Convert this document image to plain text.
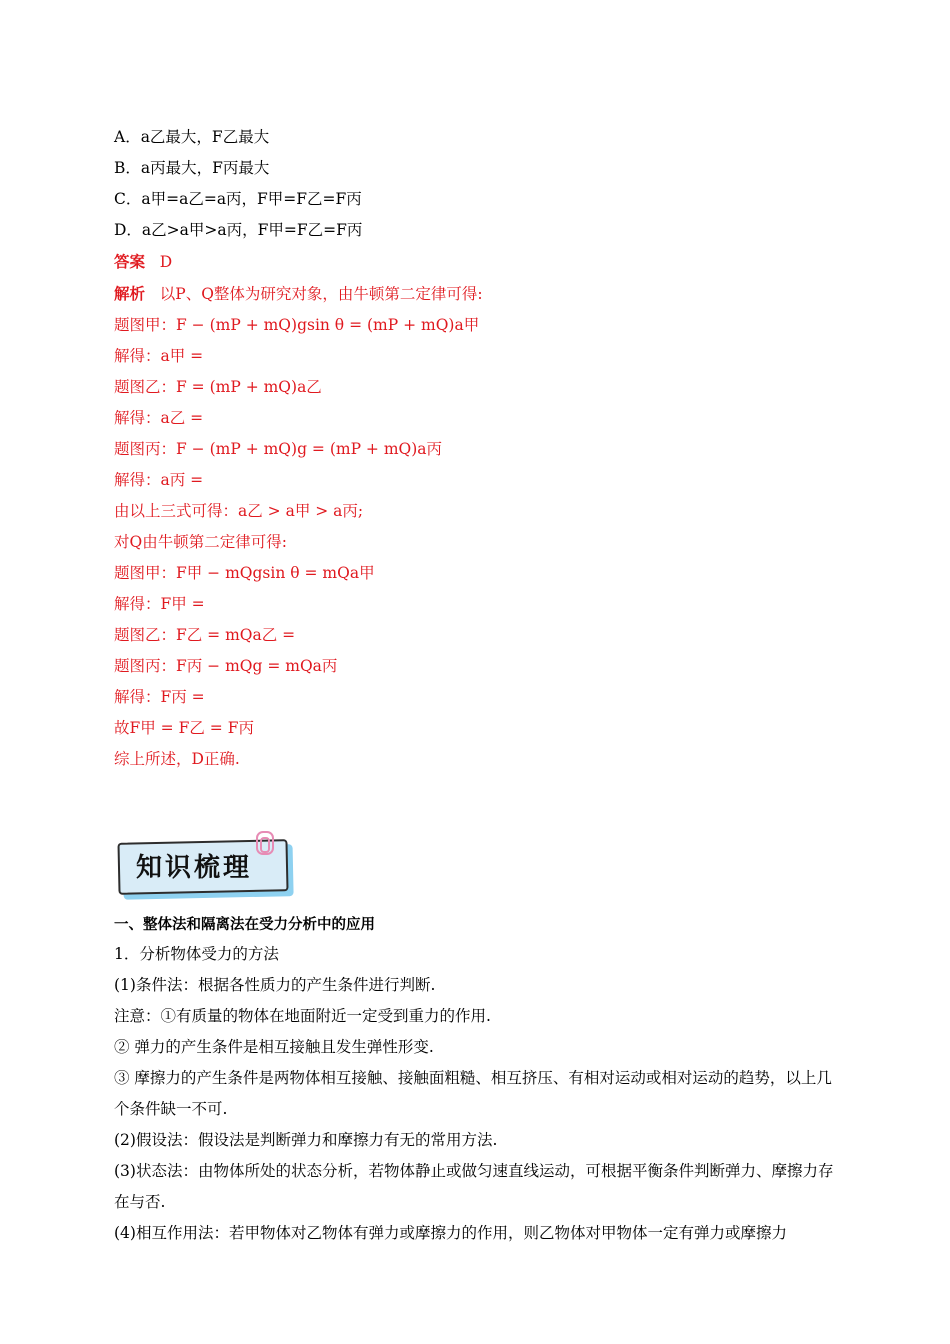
A．a乙最大，F乙最大
B．a丙最大，F丙最大
C．a甲=a乙=a丙，F甲=F乙=F丙
D．a乙>a甲>a丙，F甲=F乙=F丙
答案 D
解析 以P、Q整体为研究对象，由牛顿第二定律可得:
题图甲：F − (mP + mQ)gsin θ = (mP + mQ)a甲
解得：a甲 =
题图乙：F = (mP + mQ)a乙
解得：a乙 =
题图丙：F − (mP + mQ)g = (mP + mQ)a丙
解得：a丙 =
由以上三式可得：a乙 > a甲 > a丙;
对Q由牛顿第二定律可得:
题图甲：F甲 − mQgsin θ = mQa甲
解得：F甲 =
题图乙：F乙 = mQa乙 =
题图丙：F丙 − mQg = mQa丙
解得：F丙 =
故F甲 = F乙 = F丙
综上所述，D正确.
知识梳理
一、整体法和隔离法在受力分析中的应用
1．分析物体受力的方法
(1)条件法：根据各性质力的产生条件进行判断.
注意：①有质量的物体在地面附近一定受到重力的作用.
② 弹力的产生条件是相互接触且发生弹性形变.
③ 摩擦力的产生条件是两物体相互接触、接触面粗糙、相互挤压、有相对运动或相对运动的趋势，以上几个条件缺一不可.
(2)假设法：假设法是判断弹力和摩擦力有无的常用方法.
(3)状态法：由物体所处的状态分析，若物体静止或做匀速直线运动，可根据平衡条件判断弹力、摩擦力存在与否.
(4)相互作用法：若甲物体对乙物体有弹力或摩擦力的作用，则乙物体对甲物体一定有弹力或摩擦力
